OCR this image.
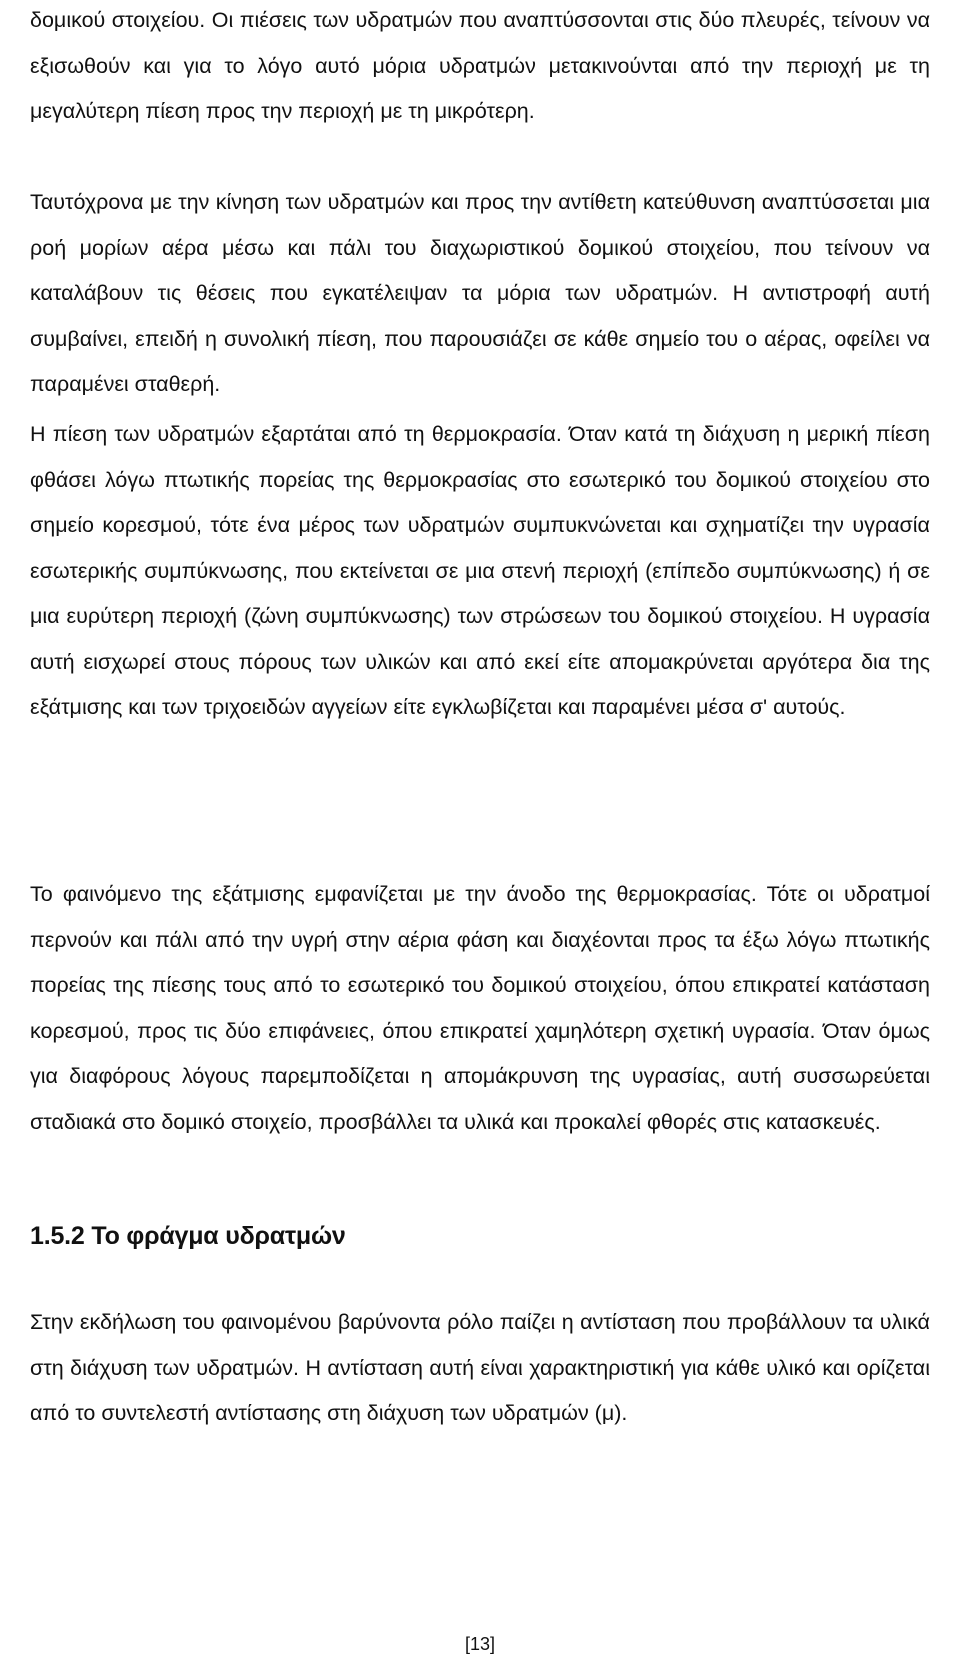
δομικού στοιχείου. Οι πιέσεις των υδρατμών που αναπτύσσονται στις δύο πλευρές, τείνουν να εξισωθούν και για το λόγο αυτό μόρια υδρατμών μετακινούνται από την περιοχή με τη μεγαλύτερη πίεση προς την περιοχή με τη μικρότερη.

Ταυτόχρονα με την κίνηση των υδρατμών και προς την αντίθετη κατεύθυνση αναπτύσσεται μια ροή μορίων αέρα μέσω και πάλι του διαχωριστικού δομικού στοιχείου, που τείνουν να καταλάβουν τις θέσεις που εγκατέλειψαν τα μόρια των υδρατμών. Η αντιστροφή αυτή συμβαίνει, επειδή η συνολική πίεση, που παρουσιάζει σε κάθε σημείο του ο αέρας, οφείλει να παραμένει σταθερή.

Η πίεση των υδρατμών εξαρτάται από τη θερμοκρασία. Όταν κατά τη διάχυση η μερική πίεση φθάσει λόγω πτωτικής πορείας της θερμοκρασίας στο εσωτερικό του δομικού στοιχείου στο σημείο κορεσμού, τότε ένα μέρος των υδρατμών συμπυκνώνεται και σχηματίζει την υγρασία εσωτερικής συμπύκνωσης, που εκτείνεται σε μια στενή περιοχή (επίπεδο συμπύκνωσης) ή σε μια ευρύτερη περιοχή (ζώνη συμπύκνωσης) των στρώσεων του δομικού στοιχείου. Η υγρασία αυτή εισχωρεί στους πόρους των υλικών και από εκεί είτε απομακρύνεται αργότερα δια της εξάτμισης και των τριχοειδών αγγείων είτε εγκλωβίζεται και παραμένει μέσα σ' αυτούς.

Το φαινόμενο της εξάτμισης εμφανίζεται με την άνοδο της θερμοκρασίας. Τότε οι υδρατμοί περνούν και πάλι από την υγρή στην αέρια φάση και διαχέονται προς τα έξω λόγω πτωτικής πορείας της πίεσης τους από το εσωτερικό του δομικού στοιχείου, όπου επικρατεί κατάσταση κορεσμού, προς τις δύο επιφάνειες, όπου επικρατεί χαμηλότερη σχετική υγρασία. Όταν όμως για διαφόρους λόγους παρεμποδίζεται η απομάκρυνση της υγρασίας, αυτή συσσωρεύεται σταδιακά στο δομικό στοιχείο, προσβάλλει τα υλικά και προκαλεί φθορές στις κατασκευές.

1.5.2 Το φράγμα υδρατμών

Στην εκδήλωση του φαινομένου βαρύνοντα ρόλο παίζει η αντίσταση που προβάλλουν τα υλικά στη διάχυση των υδρατμών. Η αντίσταση αυτή είναι χαρακτηριστική για κάθε υλικό και ορίζεται από το συντελεστή αντίστασης στη διάχυση των υδρατμών (μ).

[13]
